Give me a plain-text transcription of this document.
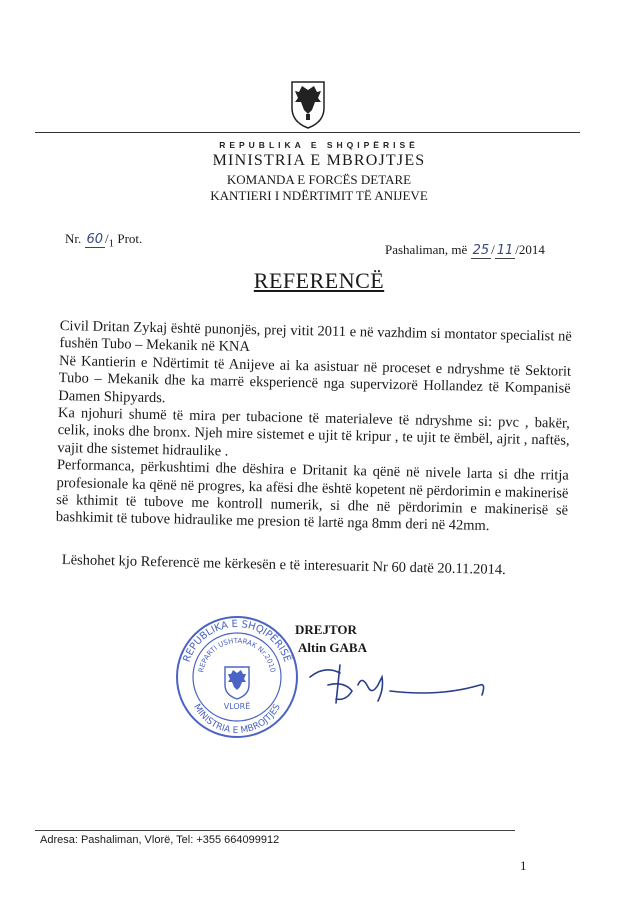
REPUBLIKA E SHQIPËRISË
MINISTRIA E MBROJTJES
KOMANDA E FORCËS DETARE
KANTIERI I NDËRTIMIT TË ANIJEVE
Nr. 60 $/_1$ Prot.
Pashaliman, më 25 / 11 /2014
REFERENCË

Civil Dritan Zykaj është punonjës, prej vitit 2011 e në vazhdim si montator specialist në fushën Tubo – Mekanik në KNA

Në Kantierin e Ndërtimit të Anijeve ai ka asistuar në proceset e ndryshme të Sektorit Tubo – Mekanik dhe ka marrë eksperiencë nga supervizorë Hollandez të Kompanisë Damen Shipyards.

Ka njohuri shumë të mira per tubacione të materialeve të ndryshme si: pvc , bakër, celik, inoks dhe bronx. Njeh mire sistemet e ujit të kripur , te ujit te ëmbël, ajrit , naftës, vajit dhe sistemet hidraulike .

Performanca, përkushtimi dhe dëshira e Dritanit ka qënë në nivele larta si dhe rritja profesionale ka qënë në progres, ka afësi dhe është kopetent në përdorimin e makinerisë së kthimit të tubove me kontroll numerik, si dhe në përdorimin e makinerisë së bashkimit të tubove hidraulike me presion të lartë nga 8mm deri në 42mm.

Lëshohet kjo Referencë me kërkesën e të interesuarit Nr 60 datë 20.11.2014.
REPUBLIKA E SHQIPËRISË
REPARTI USHTARAK Nr.2010
MINISTRIA E MBROJTJES
VLORË
DREJTOR
Altin GABA
Adresa: Pashaliman, Vlorë, Tel: +355 664099912
1
